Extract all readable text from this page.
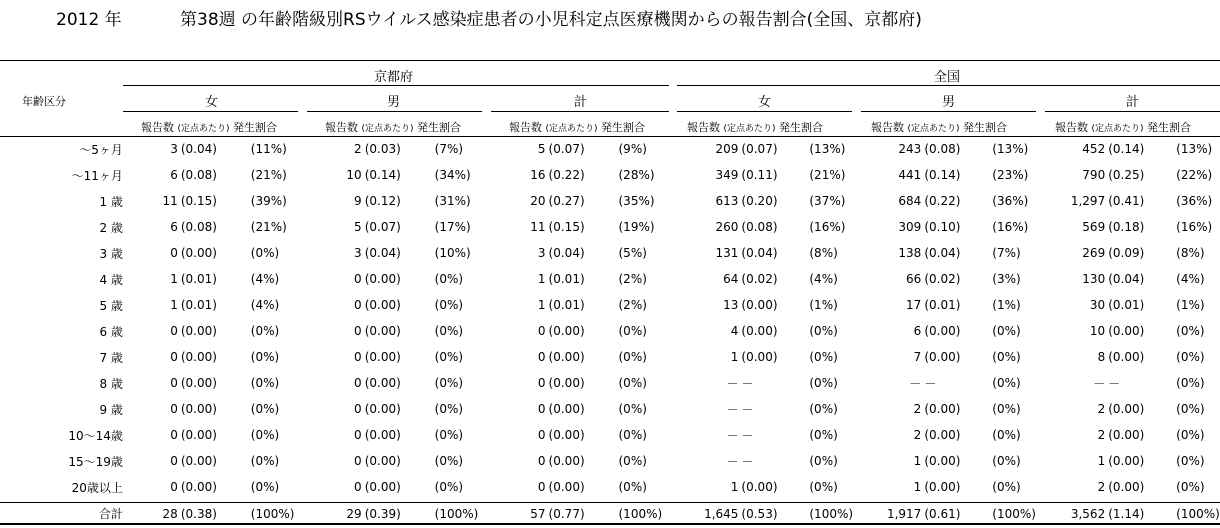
2012 年	第38週 の年齢階級別RSウイルス感染症患者の小児科定点医療機関からの報告割合(全国、京都府)
京都府	全国
年齢区分	女	男	計	女	男	計
報告数 (定点あたり) 発生割合	報告数 (定点あたり) 発生割合	報告数 (定点あたり) 発生割合	報告数 (定点あたり) 発生割合	報告数 (定点あたり) 発生割合	報告数 (定点あたり) 発生割合
～5ヶ月	3	(0.04)	(11%)	2	(0.03)	(7%)	5	(0.07)	(9%)	209	(0.07)	(13%)	243	(0.08)	(13%)	452	(0.14)	(13%)
～11ヶ月	6	(0.08)	(21%)	10	(0.14)	(34%)	16	(0.22)	(28%)	349	(0.11)	(21%)	441	(0.14)	(23%)	790	(0.25)	(22%)
1 歳	11	(0.15)	(39%)	9	(0.12)	(31%)	20	(0.27)	(35%)	613	(0.20)	(37%)	684	(0.22)	(36%)	1,297	(0.41)	(36%)
2 歳	6	(0.08)	(21%)	5	(0.07)	(17%)	11	(0.15)	(19%)	260	(0.08)	(16%)	309	(0.10)	(16%)	569	(0.18)	(16%)
3 歳	0	(0.00)	(0%)	3	(0.04)	(10%)	3	(0.04)	(5%)	131	(0.04)	(8%)	138	(0.04)	(7%)	269	(0.09)	(8%)
4 歳	1	(0.01)	(4%)	0	(0.00)	(0%)	1	(0.01)	(2%)	64	(0.02)	(4%)	66	(0.02)	(3%)	130	(0.04)	(4%)
5 歳	1	(0.01)	(4%)	0	(0.00)	(0%)	1	(0.01)	(2%)	13	(0.00)	(1%)	17	(0.01)	(1%)	30	(0.01)	(1%)
6 歳	0	(0.00)	(0%)	0	(0.00)	(0%)	0	(0.00)	(0%)	4	(0.00)	(0%)	6	(0.00)	(0%)	10	(0.00)	(0%)
7 歳	0	(0.00)	(0%)	0	(0.00)	(0%)	0	(0.00)	(0%)	1	(0.00)	(0%)	7	(0.00)	(0%)	8	(0.00)	(0%)
8 歳	0	(0.00)	(0%)	0	(0.00)	(0%)	0	(0.00)	(0%)	－	－	(0%)	－	－	(0%)	－	－	(0%)
9 歳	0	(0.00)	(0%)	0	(0.00)	(0%)	0	(0.00)	(0%)	－	－	(0%)	2	(0.00)	(0%)	2	(0.00)	(0%)
10～14歳	0	(0.00)	(0%)	0	(0.00)	(0%)	0	(0.00)	(0%)	－	－	(0%)	2	(0.00)	(0%)	2	(0.00)	(0%)
15～19歳	0	(0.00)	(0%)	0	(0.00)	(0%)	0	(0.00)	(0%)	－	－	(0%)	1	(0.00)	(0%)	1	(0.00)	(0%)
20歳以上	0	(0.00)	(0%)	0	(0.00)	(0%)	0	(0.00)	(0%)	1	(0.00)	(0%)	1	(0.00)	(0%)	2	(0.00)	(0%)
合計	28	(0.38)	(100%)	29	(0.39)	(100%)	57	(0.77)	(100%)	1,645	(0.53)	(100%)	1,917	(0.61)	(100%)	3,562	(1.14)	(100%)
